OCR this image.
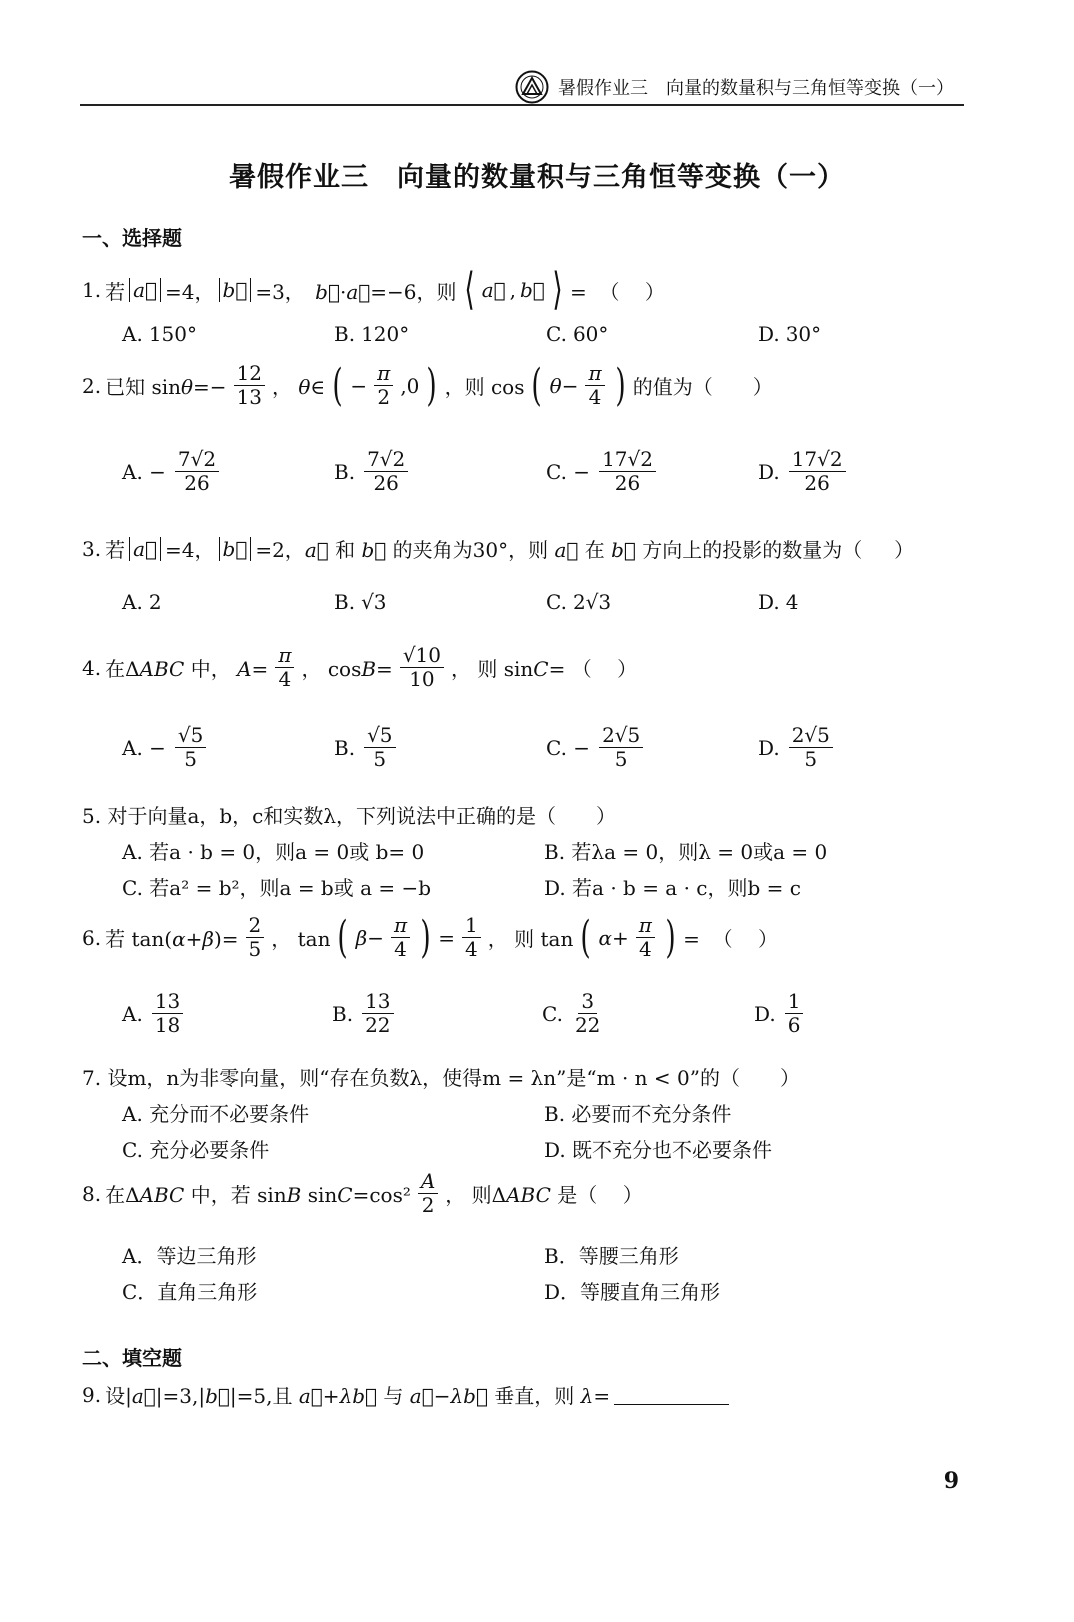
暑假作业三　向量的数量积与三角恒等变换（一）
暑假作业三　向量的数量积与三角恒等变换（一）
一、选择题
1. 若 a⃗ =4， b⃗ =3， b⃗·a⃗=−6，则 ⟨ a⃗ , b⃗ ⟩ =  （    ）
A. 150°	B. 120°	C. 60°	D. 30°
2. 已知 $\sin\theta=- \frac{12}{13}$ ， θ∈ ( − $\frac{\pi}{2} ,0$ ) ，则 cos ( $\theta- \frac{\pi}{4}$ ) 的值为（　　）
A. − $\frac{7√2}{26}$	B. $\frac{7√2}{26}$	C. − $\frac{17√2}{26}$	D. $\frac{17√2}{26}$
3. 若 a⃗ =4， b⃗ =2，a⃗ 和 b⃗ 的夹角为30°，则 a⃗ 在 b⃗ 方向上的投影的数量为（     ）
A. 2	B. √3	C. 2√3	D. 4
4. 在ΔABC 中， $A= \frac{\pi}{4}$ ， $\cos B= \frac{√10}{10}$ ， 则 sinC= （    ）
A. − $\frac{√5}{5}$	B. $\frac{√5}{5}$	C. − $\frac{2√5}{5}$	D. $\frac{2√5}{5}$
5. 对于向量a，b，c和实数λ，下列说法中正确的是（　　）
A. 若a · b = 0，则a = 0或 b= 0	B. 若λa = 0，则λ = 0或a = 0
C. 若a² = b²，则a = b或 a = −b	D. 若a · b = a · c，则b = c
6. 若 $\tan(\alpha+\beta)= \frac{2}{5}$ ， tan ( $\beta- \frac{\pi}{4}$ ) = $\frac{1}{4}$ ， 则 tan ( $\alpha+ \frac{\pi}{4}$ ) =  （    ）
A. $\frac{13}{18}$	B. $\frac{13}{22}$	C. $\frac{3}{22}$	D. $\frac{1}{6}$
7. 设m，n为非零向量，则“存在负数λ，使得m = λn”是“m · n < 0”的（　　）
A. 充分而不必要条件	B. 必要而不充分条件
C. 充分必要条件	D. 既不充分也不必要条件
8. 在ΔABC 中，若 sinB $\sin C=\cos^2 \frac{A}{2}$ ， 则ΔABC 是（    ）
A．等边三角形	B．等腰三角形
C．直角三角形	D．等腰直角三角形
二、填空题
9. 设|a⃗|=3,|b⃗|=5,且 a⃗+λb⃗ 与 a⃗−λb⃗ 垂直，则 λ=
9
